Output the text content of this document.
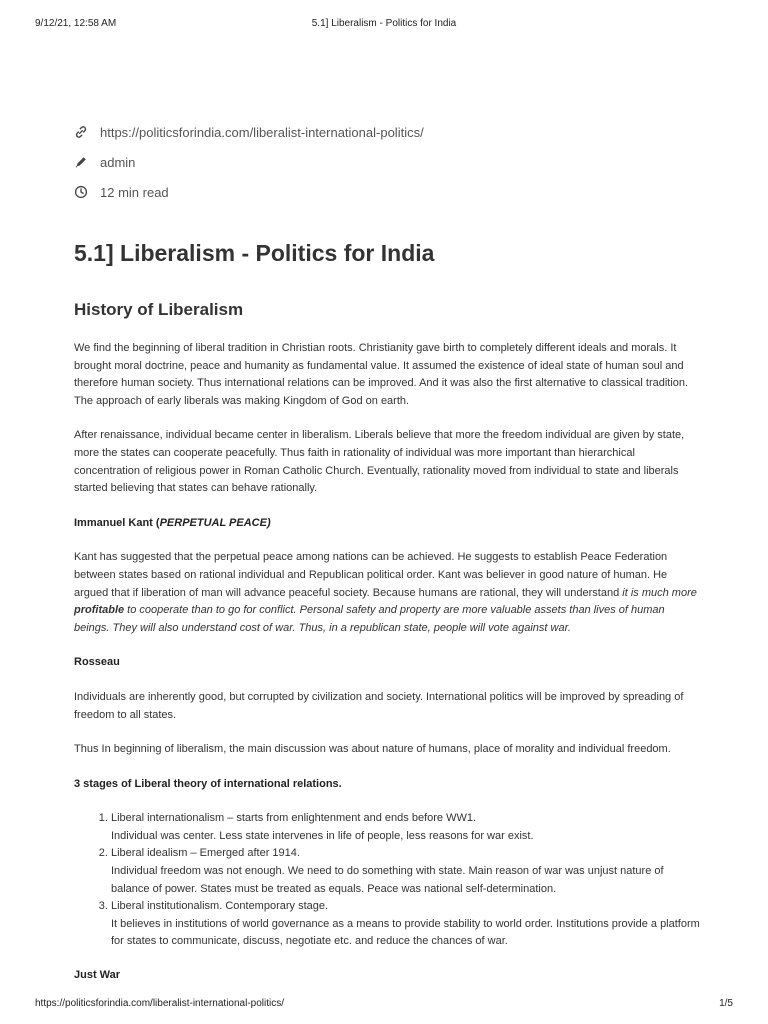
9/12/21, 12:58 AM	5.1] Liberalism - Politics for India
https://politicsforindia.com/liberalist-international-politics/
admin
12 min read
5.1] Liberalism - Politics for India
History of Liberalism

We find the beginning of liberal tradition in Christian roots. Christianity gave birth to completely different ideals and morals. It brought moral doctrine, peace and humanity as fundamental value. It assumed the existence of ideal state of human soul and therefore human society. Thus international relations can be improved. And it was also the first alternative to classical tradition. The approach of early liberals was making Kingdom of God on earth.

After renaissance, individual became center in liberalism. Liberals believe that more the freedom individual are given by state, more the states can cooperate peacefully. Thus faith in rationality of individual was more important than hierarchical concentration of religious power in Roman Catholic Church. Eventually, rationality moved from individual to state and liberals started believing that states can behave rationally.

Immanuel Kant (PERPETUAL PEACE)

Kant has suggested that the perpetual peace among nations can be achieved. He suggests to establish Peace Federation between states based on rational individual and Republican political order. Kant was believer in good nature of human. He argued that if liberation of man will advance peaceful society. Because humans are rational, they will understand it is much more profitable to cooperate than to go for conflict. Personal safety and property are more valuable assets than lives of human beings. They will also understand cost of war. Thus, in a republican state, people will vote against war.

Rosseau

Individuals are inherently good, but corrupted by civilization and society. International politics will be improved by spreading of freedom to all states.

Thus In beginning of liberalism, the main discussion was about nature of humans, place of morality and individual freedom.

3 stages of Liberal theory of international relations.

1. Liberal internationalism – starts from enlightenment and ends before WW1.
Individual was center. Less state intervenes in life of people, less reasons for war exist.
2. Liberal idealism – Emerged after 1914.
Individual freedom was not enough. We need to do something with state. Main reason of war was unjust nature of balance of power. States must be treated as equals. Peace was national self-determination.
3. Liberal institutionalism. Contemporary stage.
It believes in institutions of world governance as a means to provide stability to world order. Institutions provide a platform for states to communicate, discuss, negotiate etc. and reduce the chances of war.

Just War

https://politicsforindia.com/liberalist-international-politics/	1/5
